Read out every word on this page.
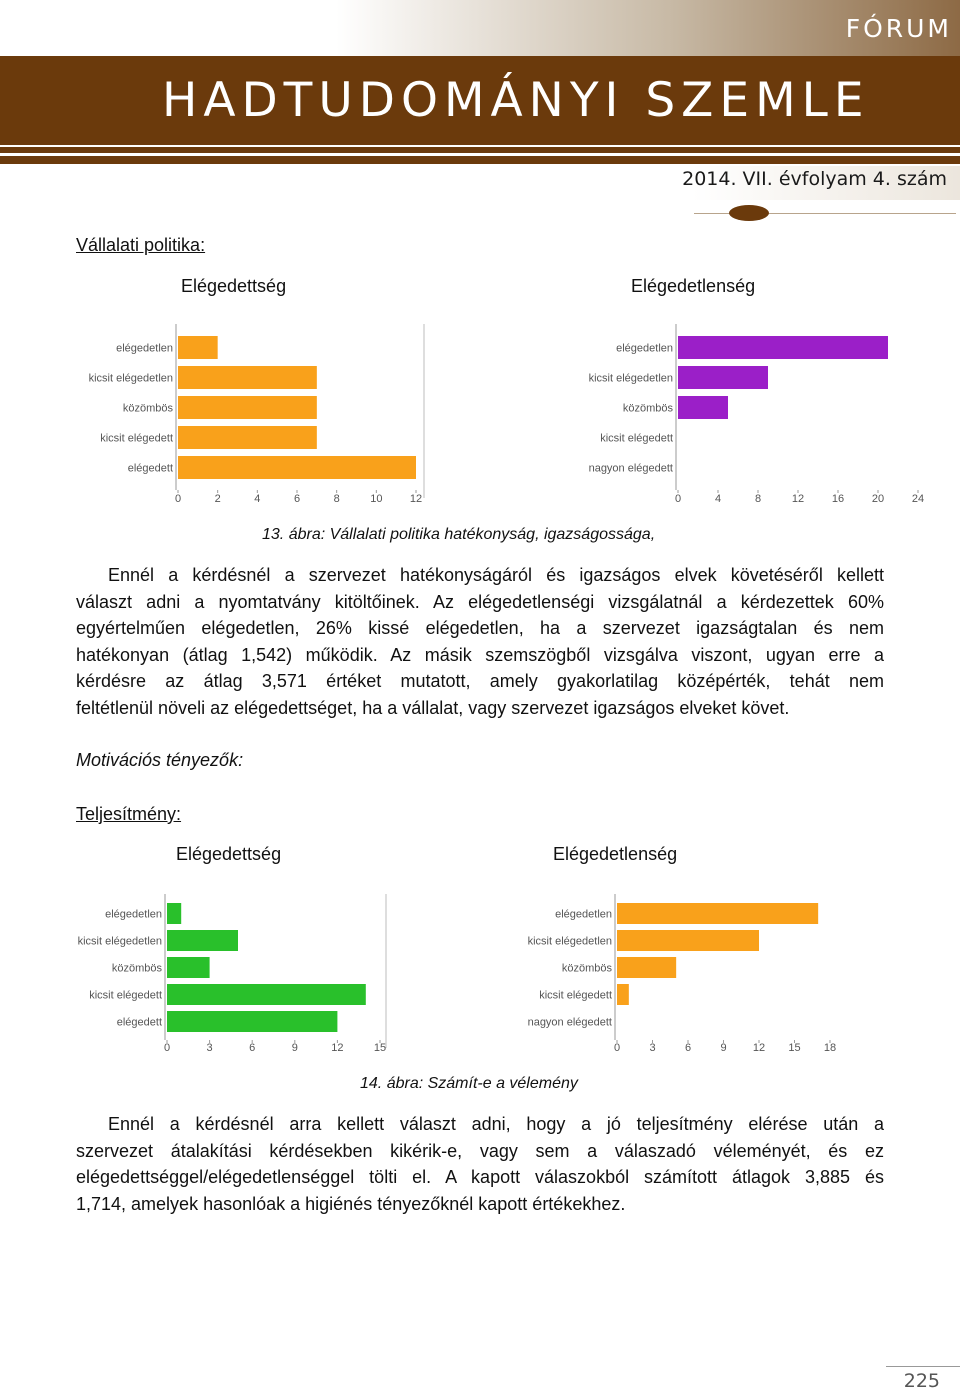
FÓRUM
HADTUDOMÁNYI SZEMLE
2014. VII. évfolyam 4. szám
Vállalati politika:
Elégedettség	Elégedetlenség
elégedetlen
kicsit elégedetlen
közömbös
kicsit elégedett
elégedett
0	2	4	6	8	10 12
elégedetlen
kicsit elégedetlen
közömbös
kicsit elégedett
nagyon elégedett
0	4	8	12	16	20	24
13. ábra: Vállalati politika hatékonyság, igazságossága,
Ennél a kérdésnél a szervezet hatékonyságáról és igazságos elvek követéséről kellett
választ adni a nyomtatvány kitöltőinek. Az elégedetlenségi vizsgálatnál a kérdezettek 60%
egyértelműen elégedetlen, 26% kissé elégedetlen, ha a szervezet igazságtalan és nem
hatékonyan (átlag 1,542) működik. Az másik szemszögből vizsgálva viszont, ugyan erre a
kérdésre az átlag 3,571 értéket mutatott, amely gyakorlatilag középérték, tehát nem
feltétlenül növeli az elégedettséget, ha a vállalat, vagy szervezet igazságos elveket követ.
Motivációs tényezők:
Teljesítmény:
Elégedettség	Elégedetlenség
elégedetlen
kicsit elégedetlen
közömbös
kicsit elégedett
elégedett
0	3	6	9	12	15
elégedetlen
kicsit elégedetlen
közömbös
kicsit elégedett
nagyon elégedett
0	3	6	9 12 15 18
14. ábra: Számít-e a vélemény
Ennél a kérdésnél arra kellett választ adni, hogy a jó teljesítmény elérése után a
szervezet átalakítási kérdésekben kikérik-e, vagy sem a válaszadó véleményét, és ez
elégedettséggel/elégedetlenséggel tölti el. A kapott válaszokból számított átlagok 3,885 és
1,714, amelyek hasonlóak a higiénés tényezőknél kapott értékekhez.
225
